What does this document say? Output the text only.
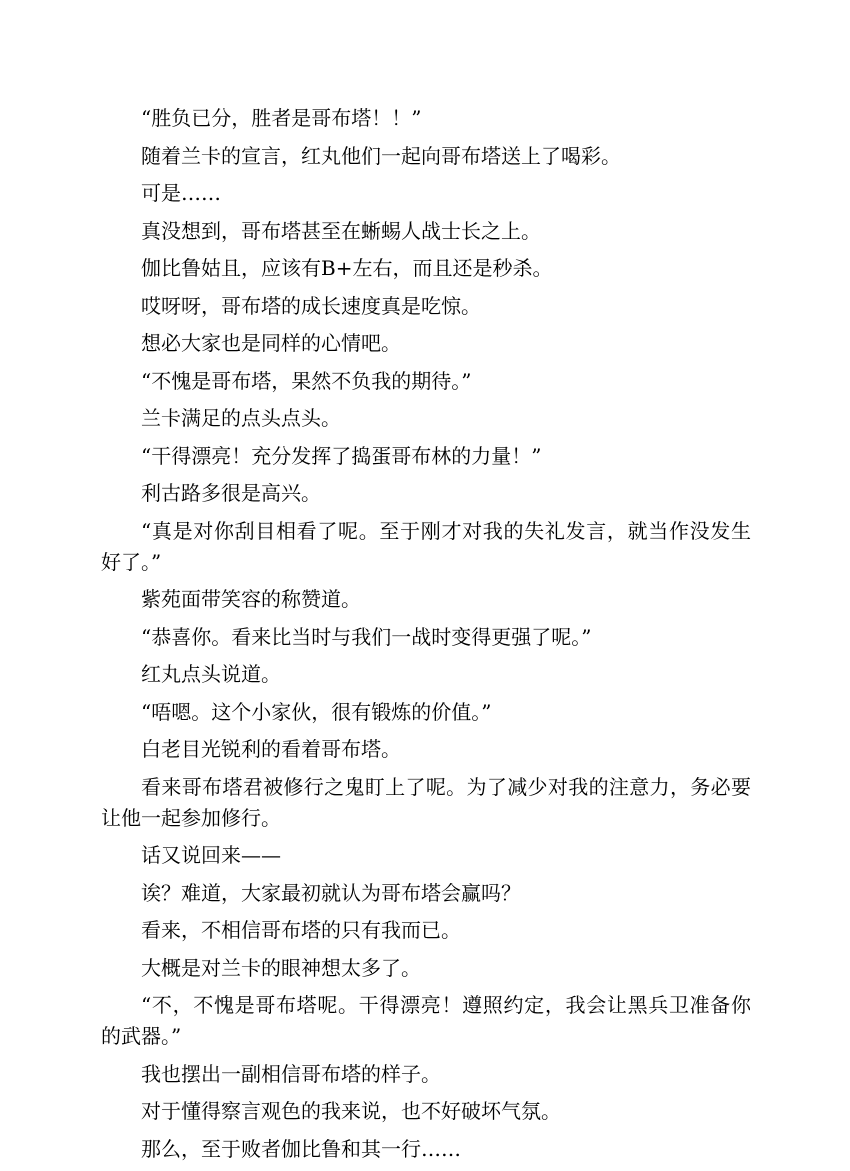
“胜负已分，胜者是哥布塔！！”

随着兰卡的宣言，红丸他们一起向哥布塔送上了喝彩。

可是……

真没想到，哥布塔甚至在蜥蜴人战士长之上。

伽比鲁姑且，应该有B+左右，而且还是秒杀。

哎呀呀，哥布塔的成长速度真是吃惊。

想必大家也是同样的心情吧。

“不愧是哥布塔，果然不负我的期待。”

兰卡满足的点头点头。

“干得漂亮！充分发挥了捣蛋哥布林的力量！”

利古路多很是高兴。

“真是对你刮目相看了呢。至于刚才对我的失礼发言，就当作没发生好了。”

紫苑面带笑容的称赞道。

“恭喜你。看来比当时与我们一战时变得更强了呢。”

红丸点头说道。

“唔嗯。这个小家伙，很有锻炼的价值。”

白老目光锐利的看着哥布塔。

看来哥布塔君被修行之鬼盯上了呢。为了减少对我的注意力，务必要让他一起参加修行。

话又说回来——

诶？难道，大家最初就认为哥布塔会赢吗？

看来，不相信哥布塔的只有我而已。

大概是对兰卡的眼神想太多了。

“不，不愧是哥布塔呢。干得漂亮！遵照约定，我会让黑兵卫准备你的武器。”

我也摆出一副相信哥布塔的样子。

对于懂得察言观色的我来说，也不好破坏气氛。

那么，至于败者伽比鲁和其一行……
